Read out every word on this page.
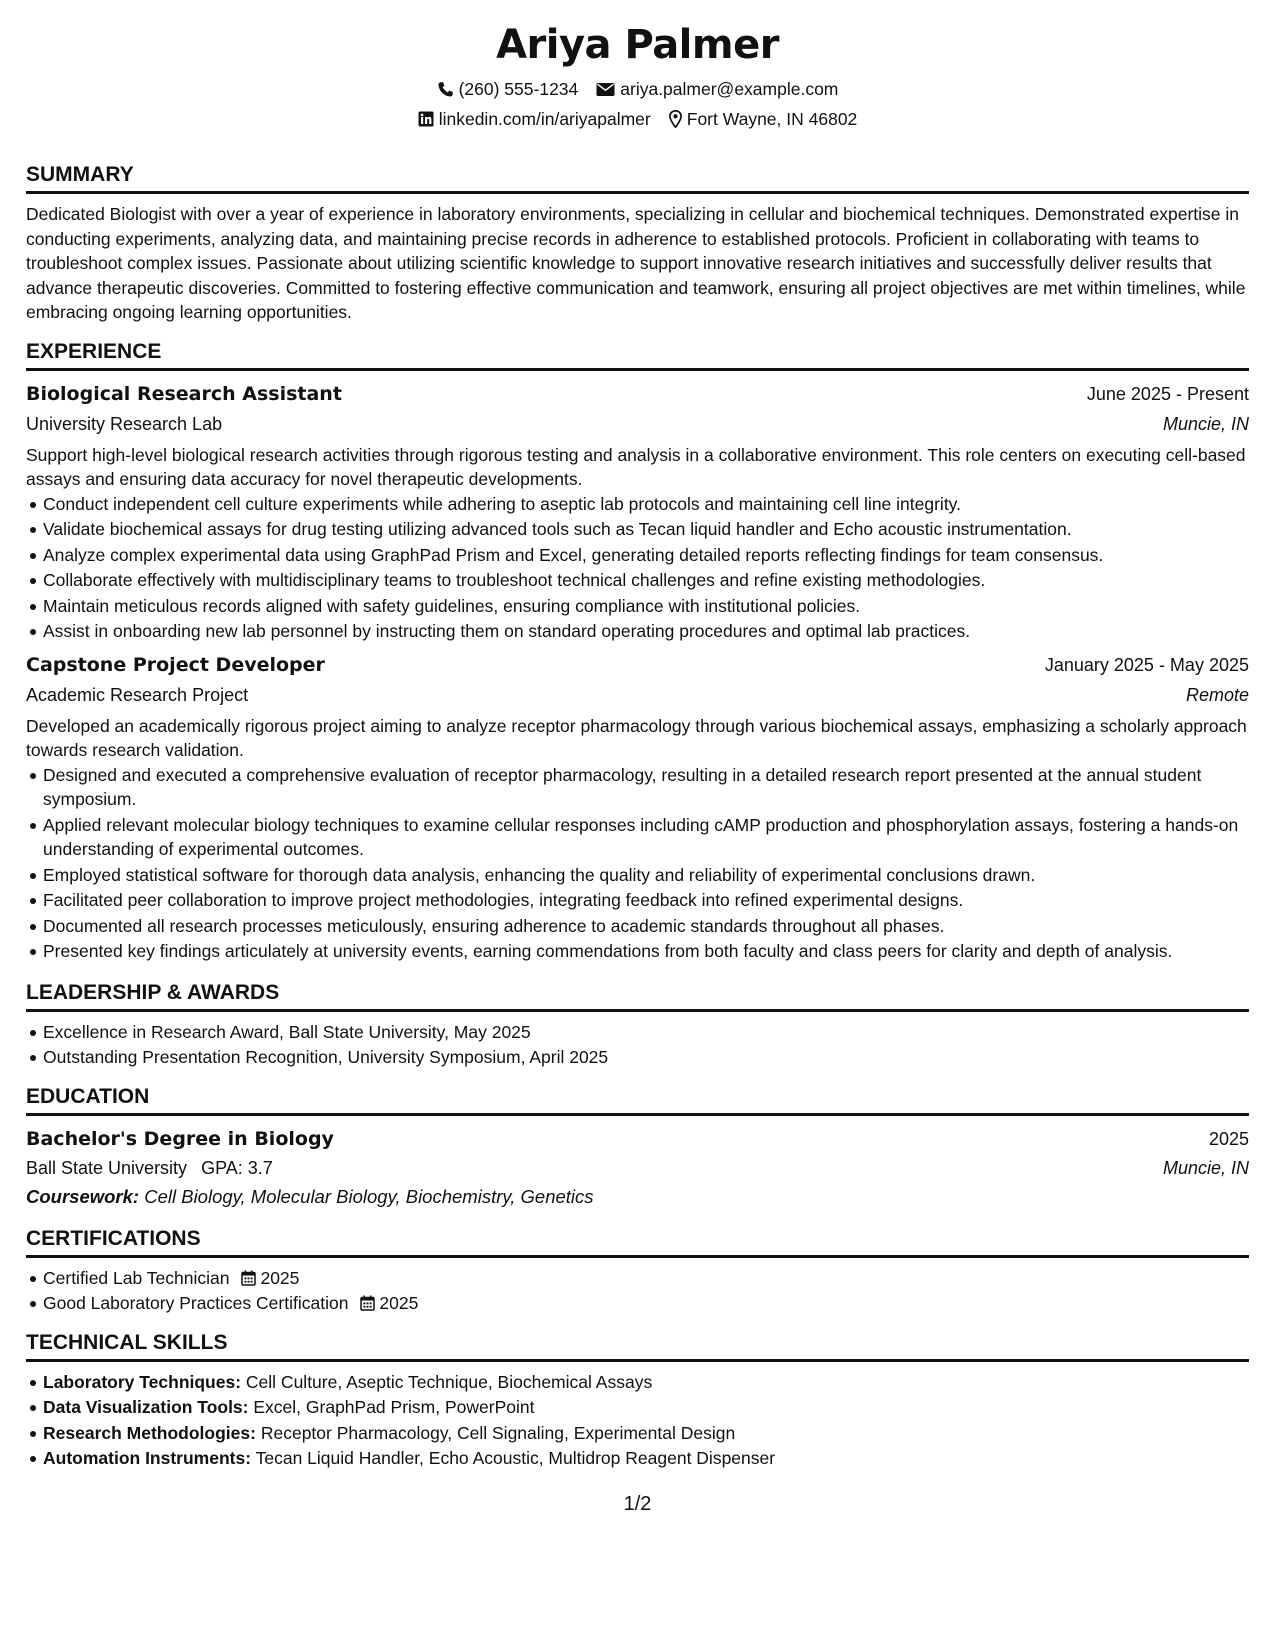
Ariya Palmer
(260) 555-1234 ariya.palmer@example.com
linkedin.com/in/ariyapalmer Fort Wayne, IN 46802
SUMMARY

Dedicated Biologist with over a year of experience in laboratory environments, specializing in cellular and biochemical techniques. Demonstrated expertise in conducting experiments, analyzing data, and maintaining precise records in adherence to established protocols. Proficient in collaborating with teams to troubleshoot complex issues. Passionate about utilizing scientific knowledge to support innovative research initiatives and successfully deliver results that advance therapeutic discoveries. Committed to fostering effective communication and teamwork, ensuring all project objectives are met within timelines, while embracing ongoing learning opportunities.

EXPERIENCE
Biological Research Assistant	June 2025 - Present
University Research Lab	Muncie, IN

Support high-level biological research activities through rigorous testing and analysis in a collaborative environment. This role centers on executing cell-based assays and ensuring data accuracy for novel therapeutic developments.

Conduct independent cell culture experiments while adhering to aseptic lab protocols and maintaining cell line integrity.
Validate biochemical assays for drug testing utilizing advanced tools such as Tecan liquid handler and Echo acoustic instrumentation.
Analyze complex experimental data using GraphPad Prism and Excel, generating detailed reports reflecting findings for team consensus.
Collaborate effectively with multidisciplinary teams to troubleshoot technical challenges and refine existing methodologies.
Maintain meticulous records aligned with safety guidelines, ensuring compliance with institutional policies.
Assist in onboarding new lab personnel by instructing them on standard operating procedures and optimal lab practices.
Capstone Project Developer	January 2025 - May 2025
Academic Research Project	Remote

Developed an academically rigorous project aiming to analyze receptor pharmacology through various biochemical assays, emphasizing a scholarly approach towards research validation.

Designed and executed a comprehensive evaluation of receptor pharmacology, resulting in a detailed research report presented at the annual student symposium.
Applied relevant molecular biology techniques to examine cellular responses including cAMP production and phosphorylation assays, fostering a hands-on understanding of experimental outcomes.
Employed statistical software for thorough data analysis, enhancing the quality and reliability of experimental conclusions drawn.
Facilitated peer collaboration to improve project methodologies, integrating feedback into refined experimental designs.
Documented all research processes meticulously, ensuring adherence to academic standards throughout all phases.
Presented key findings articulately at university events, earning commendations from both faculty and class peers for clarity and depth of analysis.
LEADERSHIP & AWARDS
Excellence in Research Award, Ball State University, May 2025
Outstanding Presentation Recognition, University Symposium, April 2025
EDUCATION
Bachelor's Degree in Biology	2025
Ball State University GPA: 3.7	Muncie, IN
Coursework: Cell Biology, Molecular Biology, Biochemistry, Genetics
CERTIFICATIONS
Certified Lab Technician 2025
Good Laboratory Practices Certification 2025
TECHNICAL SKILLS
Laboratory Techniques: Cell Culture, Aseptic Technique, Biochemical Assays
Data Visualization Tools: Excel, GraphPad Prism, PowerPoint
Research Methodologies: Receptor Pharmacology, Cell Signaling, Experimental Design
Automation Instruments: Tecan Liquid Handler, Echo Acoustic, Multidrop Reagent Dispenser
1/2
